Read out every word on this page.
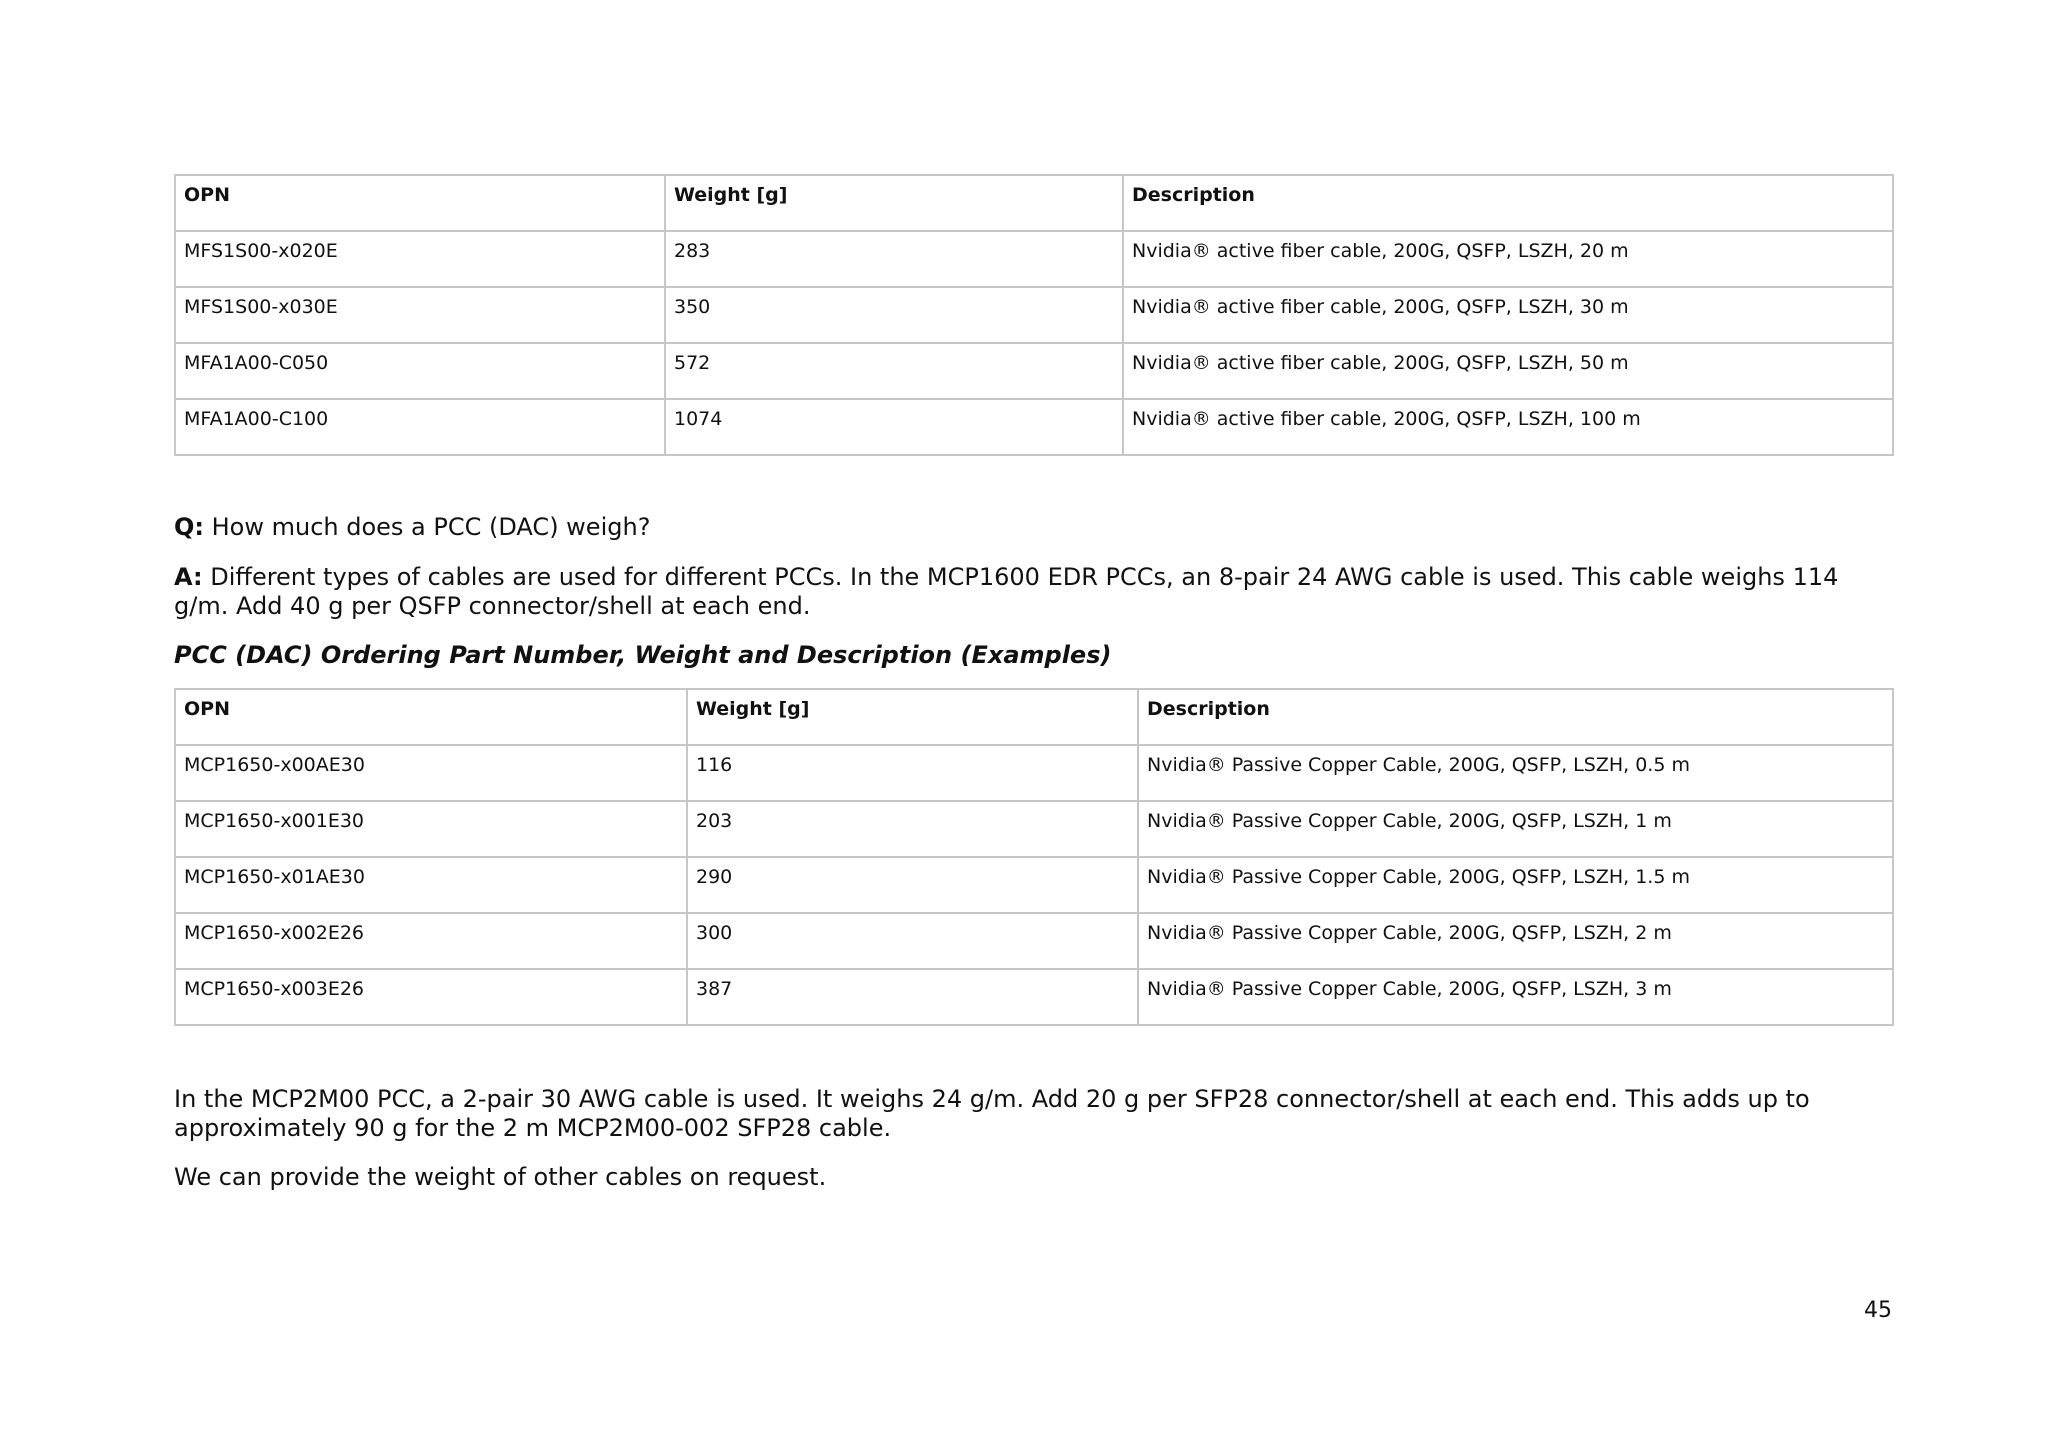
OPN	Weight [g]	Description
MFS1S00-x020E	283	Nvidia® active fiber cable, 200G, QSFP, LSZH, 20 m
MFS1S00-x030E	350	Nvidia® active fiber cable, 200G, QSFP, LSZH, 30 m
MFA1A00-C050	572	Nvidia® active fiber cable, 200G, QSFP, LSZH, 50 m
MFA1A00-C100	1074	Nvidia® active fiber cable, 200G, QSFP, LSZH, 100 m

Q: How much does a PCC (DAC) weigh?

A: Different types of cables are used for different PCCs. In the MCP1600 EDR PCCs, an 8-pair 24 AWG cable is used. This cable weighs 114 g/m. Add 40 g per QSFP connector/shell at each end.

PCC (DAC) Ordering Part Number, Weight and Description (Examples)

OPN	Weight [g]	Description
MCP1650-x00AE30	116	Nvidia® Passive Copper Cable, 200G, QSFP, LSZH, 0.5 m
MCP1650-x001E30	203	Nvidia® Passive Copper Cable, 200G, QSFP, LSZH, 1 m
MCP1650-x01AE30	290	Nvidia® Passive Copper Cable, 200G, QSFP, LSZH, 1.5 m
MCP1650-x002E26	300	Nvidia® Passive Copper Cable, 200G, QSFP, LSZH, 2 m
MCP1650-x003E26	387	Nvidia® Passive Copper Cable, 200G, QSFP, LSZH, 3 m

In the MCP2M00 PCC, a 2-pair 30 AWG cable is used. It weighs 24 g/m. Add 20 g per SFP28 connector/shell at each end. This adds up to approximately 90 g for the 2 m MCP2M00-002 SFP28 cable.

We can provide the weight of other cables on request.

45
